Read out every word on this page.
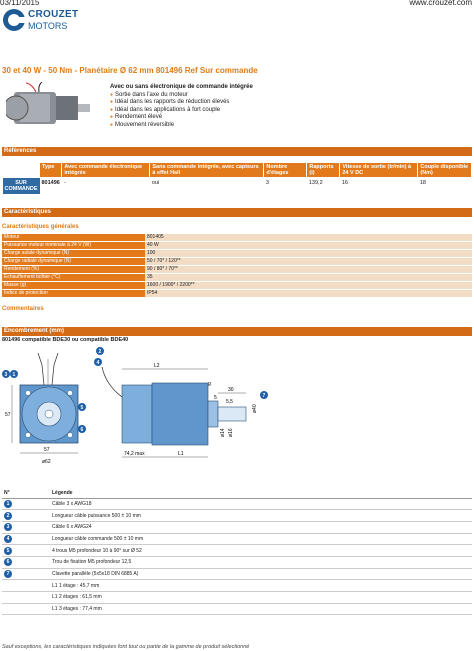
03/11/2015	www.crouzet.com
CROUZET
MOTORS
30 et 40 W - 50 Nm - Planétaire Ø 62 mm 801496 Ref Sur commande
Avec ou sans électronique de commande intégrée
● Sortie dans l'axe du moteur
● Idéal dans les rapports de réduction élevés
● Idéal dans les applications à fort couple
● Rendement élevé
● Mouvement réversible
Références
	Type	Avec commande électronique intégrée	Sans commande intégrée, avec capteurs à effet Hall	Nombre d'étages	Rapports (i)	Vitesse de sortie (tr/min) à 24 V DC	Couple disponible (Nm)
SUR COMMANDE	801496	-	oui	3	139,2	16	18
Caractéristiques
Caractéristiques générales
Moteur	801405
Puissance moteur nominale à 24 V (W)	40 W
Charge axiale dynamique (N)	100
Charge radiale dynamique (N)	50 / 70* / 120**
Rendement (%)	90 / 80* / 70**
Échauffement boîtier (°C)	35
Masse (g)	1600 / 1900* / 2200**
Indice de protection	IP54
Commentaires
Encombrement (mm)
801496 compatible BDE30 ou compatible BDE40
57
57
ø62
L2
74,2 max	L1
g
30
5
5,5
ø40
ø14 ø16
1
2
3
4
5
6
7
N°	Légende
1	Câble 3 x AWG18
2	Longueur câble puissance 500 ± 10 mm
3	Câble 6 x AWG24
4	Longueur câble commande 500 ± 10 mm
5	4 trous M5 profondeur 10 à 90° sur Ø 52
6	Trou de fixation M5 profondeur 12,5
7	Clavette parallèle (5x5x18 DIN 6885 A)
	L1 1 étage : 45,7 mm
	L1 2 étages : 61,5 mm
	L1 3 étages : 77,4 mm
Sauf exceptions, les caractéristiques indiquées font tout ou partie de la gamme de produit sélectionné
